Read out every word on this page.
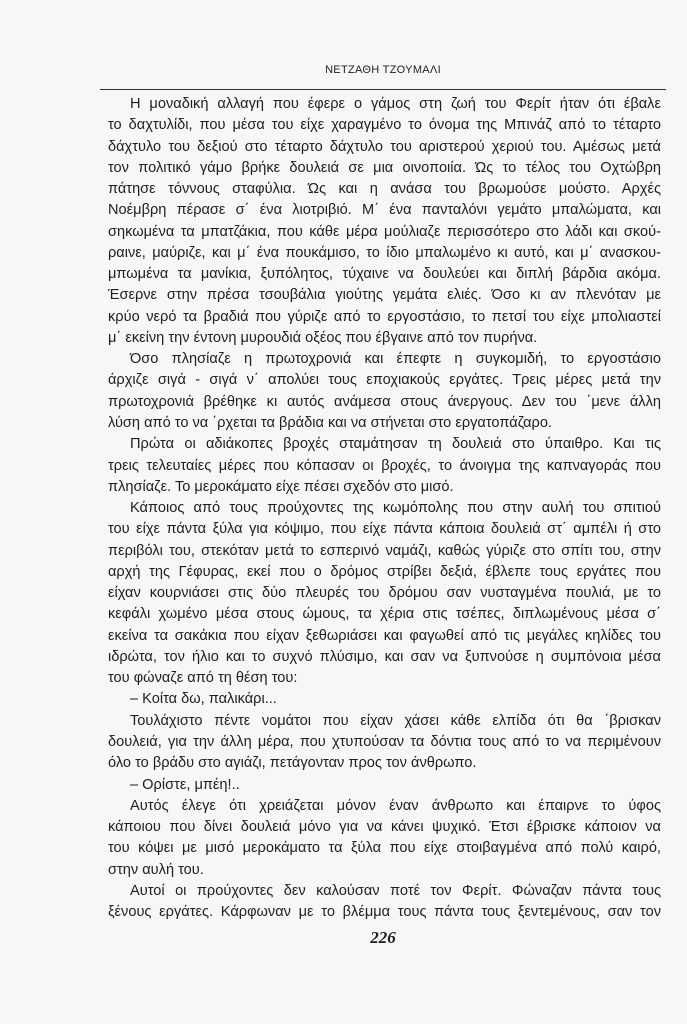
ΝΕΤΖΑΘΗ ΤΖΟΥΜΑΛΙ
Η μοναδική αλλαγή που έφερε ο γάμος στη ζωή του Φερίτ ήταν ότι έβαλε
το δαχτυλίδι, που μέσα του είχε χαραγμένο το όνομα της Μπινάζ από το τέταρτο
δάχτυλο του δεξιού στο τέταρτο δάχτυλο του αριστερού χεριού του. Αμέσως μετά
τον πολιτικό γάμο βρήκε δουλειά σε μια οινοποιία. Ώς το τέλος του Οχτώβρη
πάτησε τόννους σταφύλια. Ώς και η ανάσα του βρωμούσε μούστο. Αρχές
Νοέμβρη πέρασε σ΄ ένα λιοτριβιό. Μ΄ ένα πανταλόνι γεμάτο μπαλώματα, και
σηκωμένα τα μπατζάκια, που κάθε μέρα μούλιαζε περισσότερο στο λάδι και σκού-
ραινε, μαύριζε, και μ΄ ένα πουκάμισο, το ίδιο μπαλωμένο κι αυτό, και μ΄ ανασκου-
μπωμένα τα μανίκια, ξυπόλητος, τύχαινε να δουλεύει και διπλή βάρδια ακόμα.
Έσερνε στην πρέσα τσουβάλια γιούτης γεμάτα ελιές. Όσο κι αν πλενόταν με
κρύο νερό τα βραδιά που γύριζε από το εργοστάσιο, το πετσί του είχε μπολιαστεί
μ΄ εκείνη την έντονη μυρουδιά οξέος που έβγαινε από τον πυρήνα.
Όσο πλησίαζε η πρωτοχρονιά και έπεφτε η συγκομιδή, το εργοστάσιο
άρχιζε σιγά - σιγά ν΄ απολύει τους εποχιακούς εργάτες. Τρεις μέρες μετά την
πρωτοχρονιά βρέθηκε κι αυτός ανάμεσα στους άνεργους. Δεν του ΄μενε άλλη
λύση από το να ΄ρχεται τα βράδια και να στήνεται στο εργατοπάζαρο.
Πρώτα οι αδιάκοπες βροχές σταμάτησαν τη δουλειά στο ύπαιθρο. Και τις
τρεις τελευταίες μέρες που κόπασαν οι βροχές, το άνοιγμα της καπναγοράς που
πλησίαζε. Το μεροκάματο είχε πέσει σχεδόν στο μισό.
Κάποιος από τους προύχοντες της κωμόπολης που στην αυλή του σπιτιού
του είχε πάντα ξύλα για κόψιμο, που είχε πάντα κάποια δουλειά στ΄ αμπέλι ή στο
περιβόλι του, στεκόταν μετά το εσπερινό ναμάζι, καθώς γύριζε στο σπίτι του, στην
αρχή της Γέφυρας, εκεί που ο δρόμος στρίβει δεξιά, έβλεπε τους εργάτες που
είχαν κουρνιάσει στις δύο πλευρές του δρόμου σαν νυσταγμένα πουλιά, με το
κεφάλι χωμένο μέσα στους ώμους, τα χέρια στις τσέπες, διπλωμένους μέσα σ΄
εκείνα τα σακάκια που είχαν ξεθωριάσει και φαγωθεί από τις μεγάλες κηλίδες του
ιδρώτα, τον ήλιο και το συχνό πλύσιμο, και σαν να ξυπνούσε η συμπόνοια μέσα
του φώναζε από τη θέση του:
– Κοίτα δω, παλικάρι...
Τουλάχιστο πέντε νομάτοι που είχαν χάσει κάθε ελπίδα ότι θα ΄βρισκαν
δουλειά, για την άλλη μέρα, που χτυπούσαν τα δόντια τους από το να περιμένουν
όλο το βράδυ στο αγιάζι, πετάγονταν προς τον άνθρωπο.
– Ορίστε, μπέη!..
Αυτός έλεγε ότι χρειάζεται μόνον έναν άνθρωπο και έπαιρνε το ύφος
κάποιου που δίνει δουλειά μόνο για να κάνει ψυχικό. Έτσι έβρισκε κάποιον να
του κόψει με μισό μεροκάματο τα ξύλα που είχε στοιβαγμένα από πολύ καιρό,
στην αυλή του.
Αυτοί οι προύχοντες δεν καλούσαν ποτέ τον Φερίτ. Φώναζαν πάντα τους
ξένους εργάτες. Κάρφωναν με το βλέμμα τους πάντα τους ξεντεμένους, σαν τον
226
